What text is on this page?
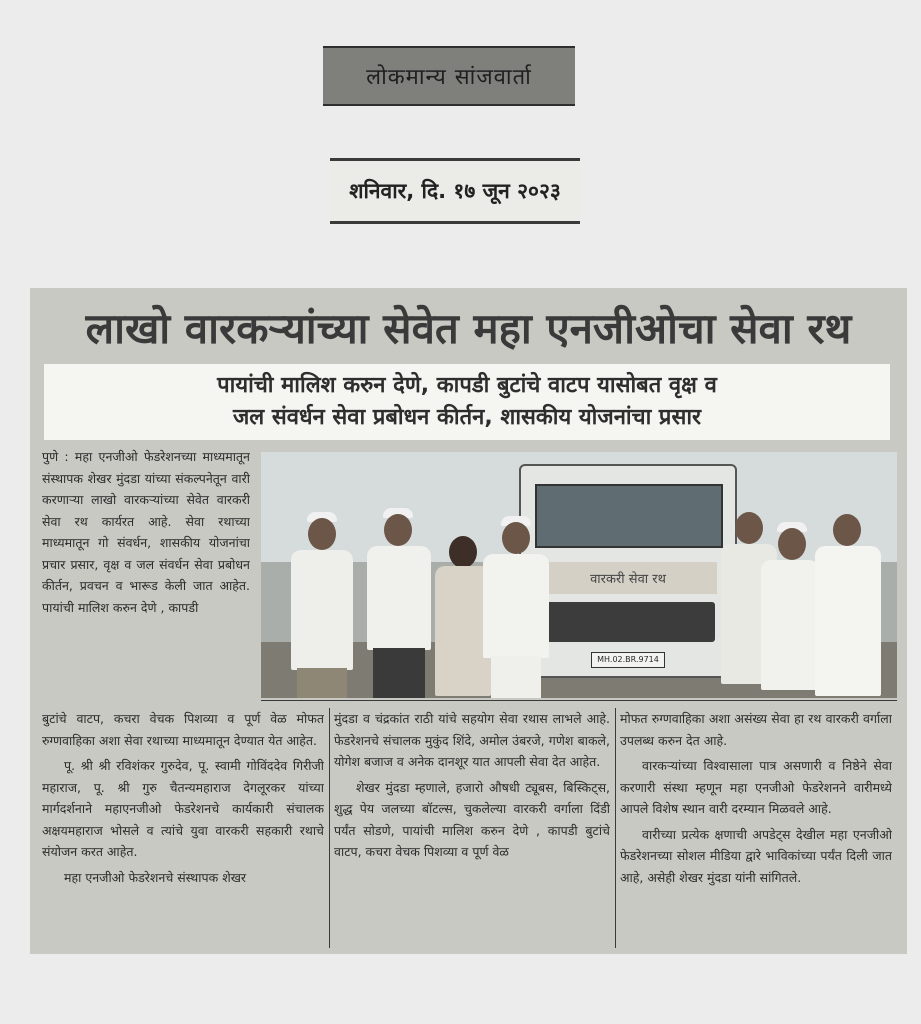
लोकमान्य सांजवार्ता
शनिवार, दि. १७ जून २०२३
लाखो वारकऱ्यांच्या सेवेत महा एनजीओचा सेवा रथ
पायांची मालिश करुन देणे, कापडी बुटांचे वाटप यासोबत वृक्ष व
जल संवर्धन सेवा प्रबोधन कीर्तन, शासकीय योजनांचा प्रसार

पुणे : महा एनजीओ फेडरेशनच्या माध्यमातून संस्थापक शेखर मुंदडा यांच्या संकल्पनेतून वारी करणाऱ्या लाखो वारकऱ्यांच्या सेवेत वारकरी सेवा रथ कार्यरत आहे. सेवा रथाच्या माध्यमातून गो संवर्धन, शासकीय योजनांचा प्रचार प्रसार, वृक्ष व जल संवर्धन सेवा प्रबोधन कीर्तन, प्रवचन व भारूड केली जात आहेत. पायांची मालिश करुन देणे , कापडी

वारकरी सेवा रथ
MH.02.BR.9714

बुटांचे वाटप, कचरा वेचक पिशव्या व पूर्ण वेळ मोफत रुग्णवाहिका अशा सेवा रथाच्या माध्यमातून देण्यात येत आहेत.

पू. श्री श्री रविशंकर गुरुदेव, पू. स्वामी गोविंददेव गिरीजी महाराज, पू. श्री गुरु चैतन्यमहाराज देगलूरकर यांच्या मार्गदर्शनाने महाएनजीओ फेडरेशनचे कार्यकारी संचालक अक्षयमहाराज भोसले व त्यांचे युवा वारकरी सहकारी रथाचे संयोजन करत आहेत.

महा एनजीओ फेडरेशनचे संस्थापक शेखर

मुंदडा व चंद्रकांत राठी यांचे सहयोग सेवा रथास लाभले आहे. फेडरेशनचे संचालक मुकुंद शिंदे, अमोल उंबरजे, गणेश बाकले, योगेश बजाज व अनेक दानशूर यात आपली सेवा देत आहेत.

शेखर मुंदडा म्हणाले, हजारो औषधी ट्यूबस, बिस्किट्स, शुद्ध पेय जलच्या बॉटल्स, चुकलेल्या वारकरी वर्गाला दिंडी पर्यंत सोडणे, पायांची मालिश करुन देणे , कापडी बुटांचे वाटप, कचरा वेचक पिशव्या व पूर्ण वेळ

मोफत रुग्णवाहिका अशा असंख्य सेवा हा रथ वारकरी वर्गाला उपलब्ध करुन देत आहे.

वारकऱ्यांच्या विश्वासाला पात्र असणारी व निष्ठेने सेवा करणारी संस्था म्हणून महा एनजीओ फेडरेशनने वारीमध्ये आपले विशेष स्थान वारी दरम्यान मिळवले आहे.

वारीच्या प्रत्येक क्षणाची अपडेट्स देखील महा एनजीओ फेडरेशनच्या सोशल मीडिया द्वारे भाविकांच्या पर्यंत दिली जात आहे, असेही शेखर मुंदडा यांनी सांगितले.
